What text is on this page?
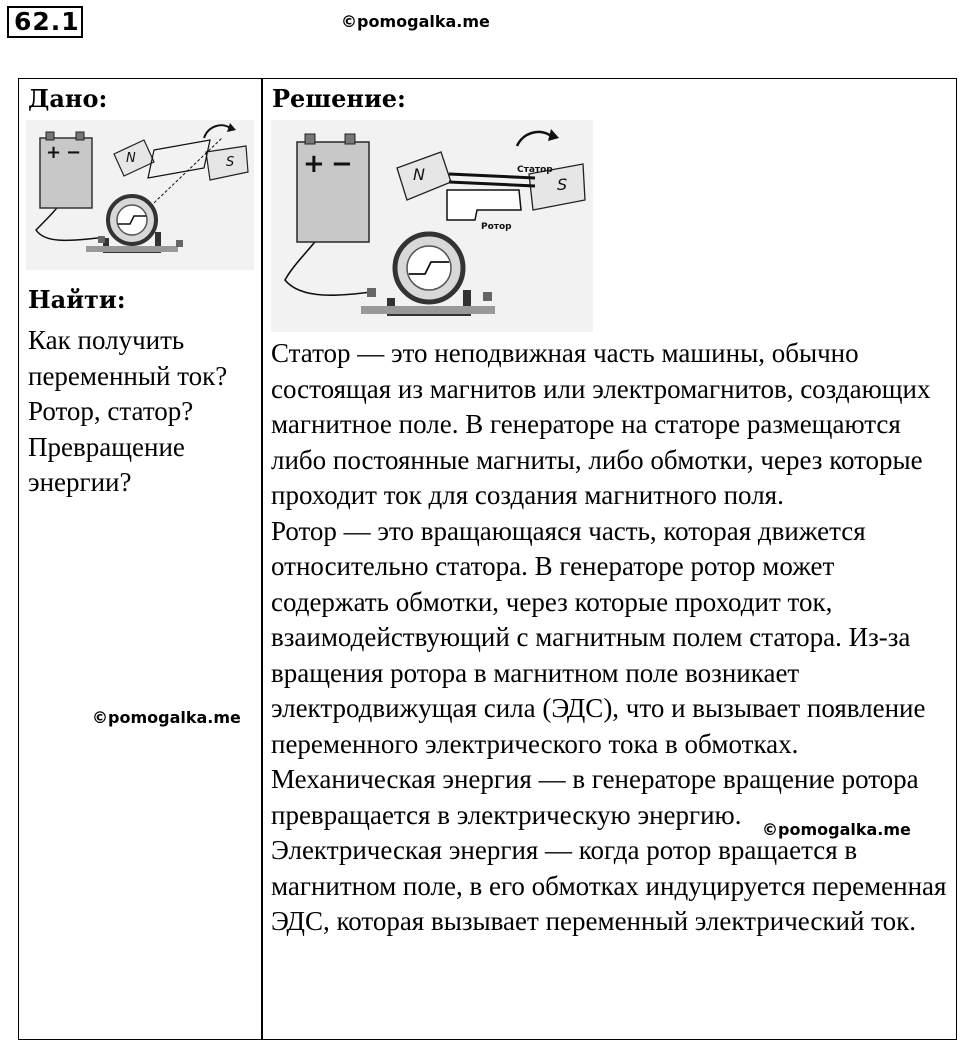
62.1	©pomogalka.me
Дано:
+ −	N	S
Найти:
Как получить переменный ток? Ротор, статор? Превращение энергии?
©pomogalka.me
Решение:
+ −	N
S
Статор
Ротор

Статор — это неподвижная часть машины, обычно состоящая из магнитов или электромагнитов, создающих магнитное поле. В генераторе на статоре размещаются либо постоянные магниты, либо обмотки, через которые проходит ток для создания магнитного поля.

Ротор — это вращающаяся часть, которая движется относительно статора. В генераторе ротор может содержать обмотки, через которые проходит ток, взаимодействующий с магнитным полем статора. Из-за вращения ротора в магнитном поле возникает электродвижущая сила (ЭДС), что и вызывает появление переменного электрического тока в обмотках.

Механическая энергия — в генераторе вращение ротора превращается в электрическую энергию.

Электрическая энергия — когда ротор вращается в магнитном поле, в его обмотках индуцируется переменная ЭДС, которая вызывает переменный электрический ток.

©pomogalka.me
